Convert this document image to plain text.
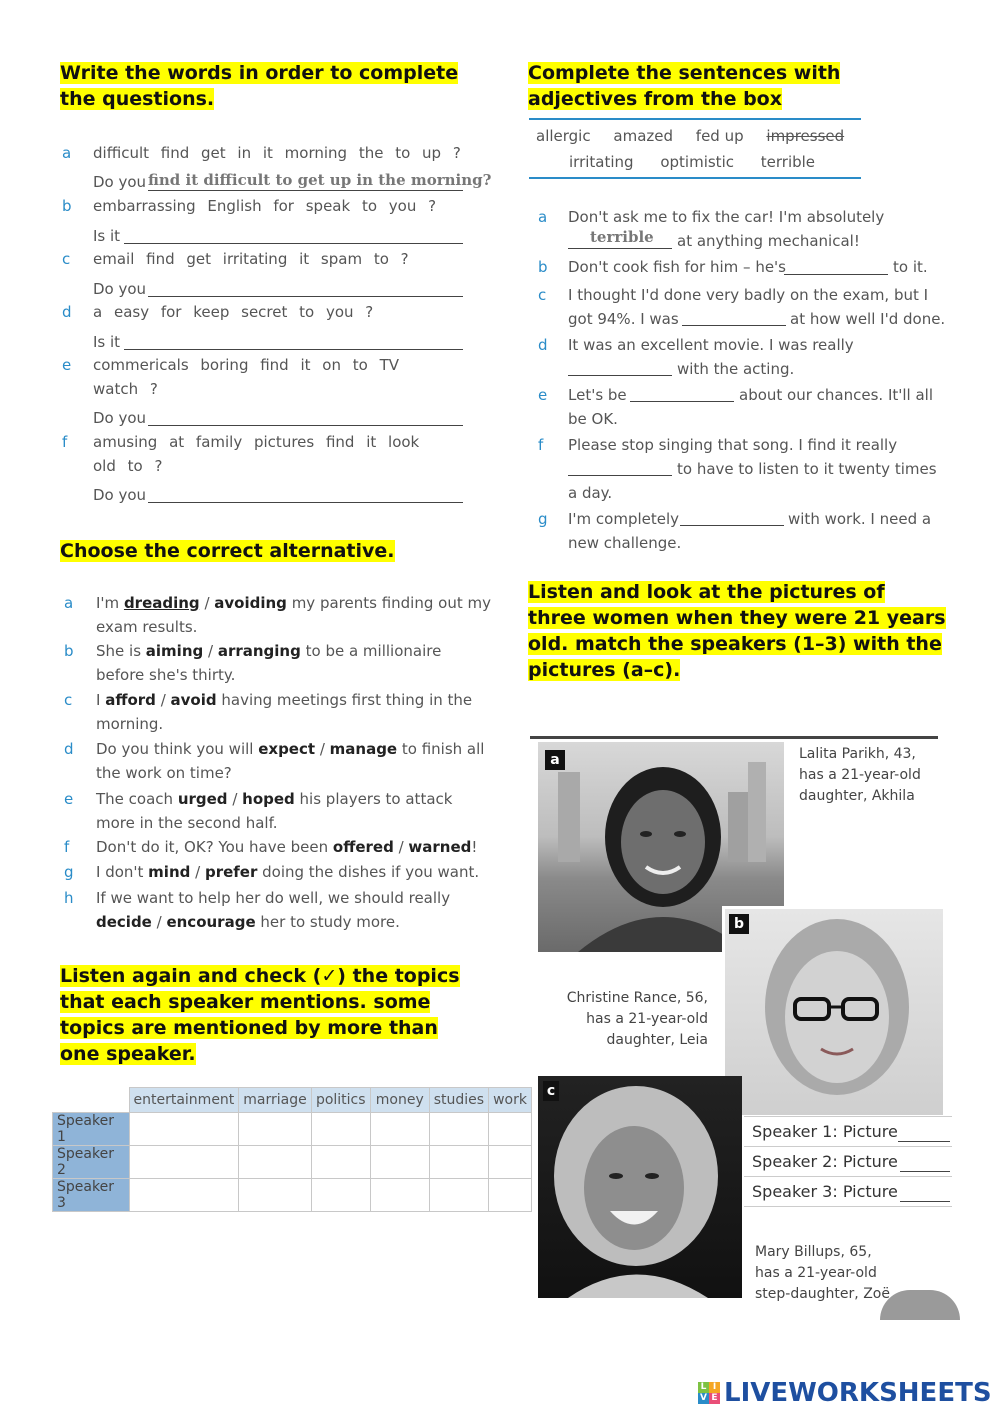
Write the words in order to complete the questions.
a difficult find get in it morning the to up ?
Do you find it difficult to get up in the morning?
b embarrassing English for speak to you ?
Is it
c email find get irritating it spam to ?
Do you
d a easy for keep secret to you ?
Is it
e commericals boring find it on to TV
watch ?
Do you
f amusing at family pictures find it look
old to ?
Do you
Choose the correct alternative.
a I'm dreading / avoiding my parents finding out my
exam results.
b She is aiming / arranging to be a millionaire
before she's thirty.
c I afford / avoid having meetings first thing in the
morning.
d Do you think you will expect / manage to finish all
the work on time?
e The coach urged / hoped his players to attack
more in the second half.
f Don't do it, OK? You have been offered / warned!
g I don't mind / prefer doing the dishes if you want.
h If we want to help her do well, we should really
decide / encourage her to study more.
Listen again and check (✓) the topics that each speaker mentions. some topics are mentioned by more than one speaker.
	entertainment	marriage	politics	money	studies	work
Speaker 1						
Speaker 2						
Speaker 3						
Complete the sentences with adjectives from the box
allergic amazed fed up impressed
irritating optimistic terrible
a Don't ask me to fix the car! I'm absolutely
terrible at anything mechanical!
b Don't cook fish for him – he's	to it.
c I thought I'd done very badly on the exam, but I
got 94%. I was	at how well I'd done.
d It was an excellent movie. I was really
with the acting.
e Let's be	about our chances. It'll all
be OK.
f Please stop singing that song. I find it really
to have to listen to it twenty times
a day.
g I'm completely	with work. I need a
new challenge.
Listen and look at the pictures of three women when they were 21 years old. match the speakers (1–3) with the pictures (a–c).
a	Lalita Parikh, 43,
has a 21-year-old
daughter, Akhila
b
Christine Rance, 56,
has a 21-year-old
daughter, Leia
c
Mary Billups, 65,
has a 21-year-old
step-daughter, Zoë
Speaker 1: Picture
Speaker 2: Picture
Speaker 3: Picture
L I
V E LIVEWORKSHEETS
